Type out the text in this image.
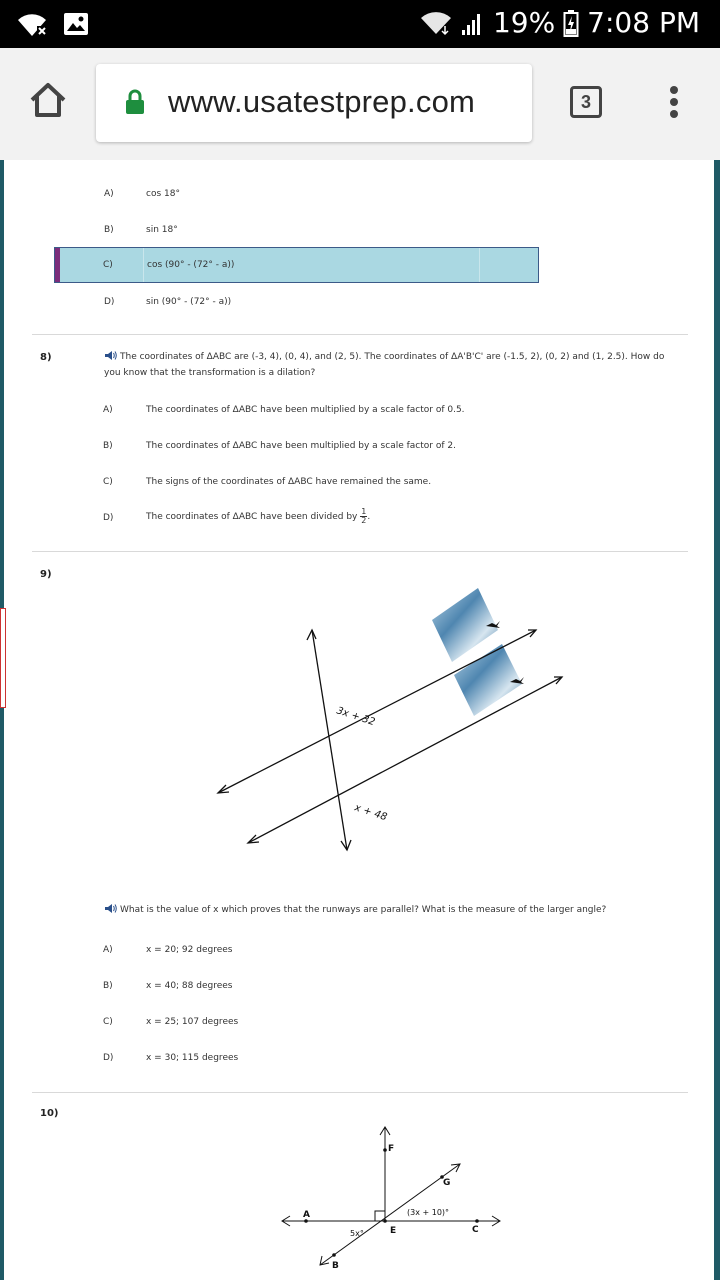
19% 7:08 PM
www.usatestprep.com	3
A)	cos 18°
B)	sin 18°
C)	cos (90° - (72° - a))
D)	sin (90° - (72° - a))
8)	The coordinates of ΔABC are (-3, 4), (0, 4), and (2, 5). The coordinates of ΔA'B'C' are (-1.5, 2), (0, 2) and (1, 2.5). How do you know that the transformation is a dilation?
A)	The coordinates of ΔABC have been multiplied by a scale factor of 0.5.
B)	The coordinates of ΔABC have been multiplied by a scale factor of 2.
C)	The signs of the coordinates of ΔABC have remained the same.
D)	The coordinates of ΔABC have been divided by $\frac{1}{2}$ .
9)
3x + 32
x + 48
What is the value of x which proves that the runways are parallel? What is the measure of the larger angle?
A)	x = 20; 92 degrees
B)	x = 40; 88 degrees
C)	x = 25; 107 degrees
D)	x = 30; 115 degrees
10)
A
B
C
E
F
G
5x°
(3x + 10)°
